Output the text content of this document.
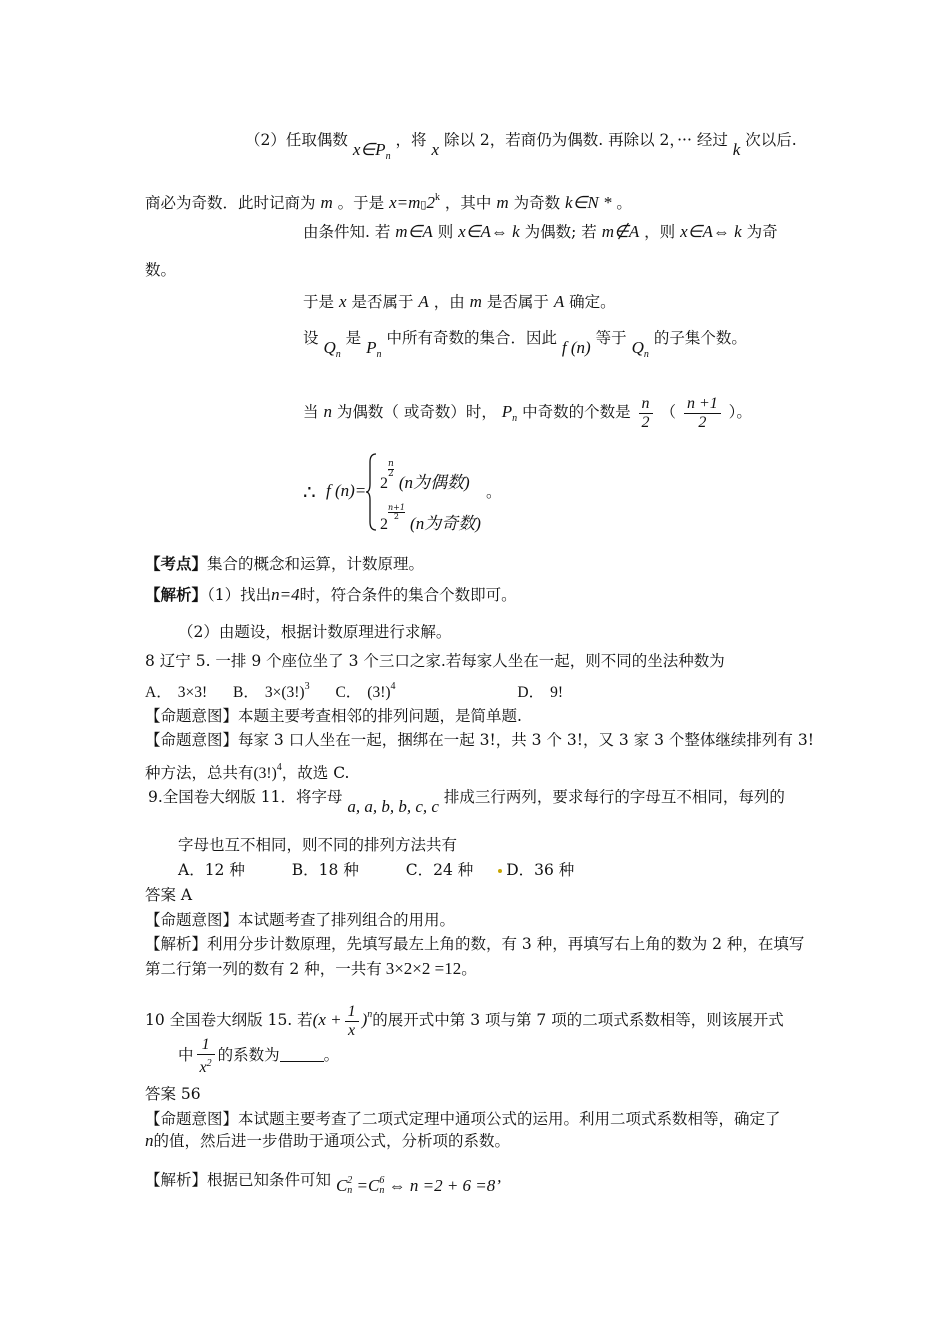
（2）任取偶数 $x\in P_n$ ，将 x 除以 2，若商仍为偶数. 再除以 2，··· 经过 k 次以后.
商必为奇数．此时记商为 m 。于是 $x=m▯2^k$ ，其中 m 为奇数 k∈N * 。
由条件知. 若 m∈A 则 x∈A⇔ k 为偶数; 若 m∉A ，则 x∈A⇔ k 为奇
数。
于是 x 是否属于 A ，由 m 是否属于 A 确定。
设 $Q_n$ 是 $P_n$ 中所有奇数的集合．因此 f (n) 等于 $Q_n$ 的子集个数。
当 n 为偶数（ 或奇数）时， $P_n$ 中奇数的个数是 $\frac{n}{2}$ （ $\frac{n +1}{2}$ ）。
∴ f (n)= 2
$\frac{n}{2}$
(n为偶数)
2
$\frac{n+1}{2}$
(n为奇数)
。
【考点】集合的概念和运算，计数原理。
【解析】（1）找出n=4时，符合条件的集合个数即可。
（2）由题设，根据计数原理进行求解。
8 辽宁 5. 一排 9 个座位坐了 3 个三口之家.若每家人坐在一起，则不同的坐法种数为
A． 3×3! B． $3\times(3!)^3$ C． $(3!)^4$	D． 9!
【命题意图】本题主要考查相邻的排列问题，是简单题.
【命题意图】每家 3 口人坐在一起，捆绑在一起 3!，共 3 个 3!，又 3 家 3 个整体继续排列有 3!
种方法，总共有$(3!)^4$，故选 C.
9.全国卷大纲版 11．将字母 a, a, b, b, c, c 排成三行两列，要求每行的字母互不相同，每列的
字母也互不相同，则不同的排列方法共有
A．12 种	B．18 种	C．24 种 D．36 种
答案 A
【命题意图】本试题考查了排列组合的用用。
【解析】利用分步计数原理，先填写最左上角的数，有 3 种，再填写右上角的数为 2 种，在填写
第二行第一列的数有 2 种，一共有 3×2×2 =12。
10 全国卷大纲版 15. 若$(x + \frac{1}{x} )^n$的展开式中第 3 项与第 7 项的二项式系数相等，则该展开式
中 $\frac{1}{x^2}$ 的系数为	。
答案 56
【命题意图】本试题主要考查了二项式定理中通项公式的运用。利用二项式系数相等，确定了
n的值，然后进一步借助于通项公式，分析项的系数。
【解析】根据已知条件可知 C 2
n =C 6
n ⇔ n =2 + 6 =8’
